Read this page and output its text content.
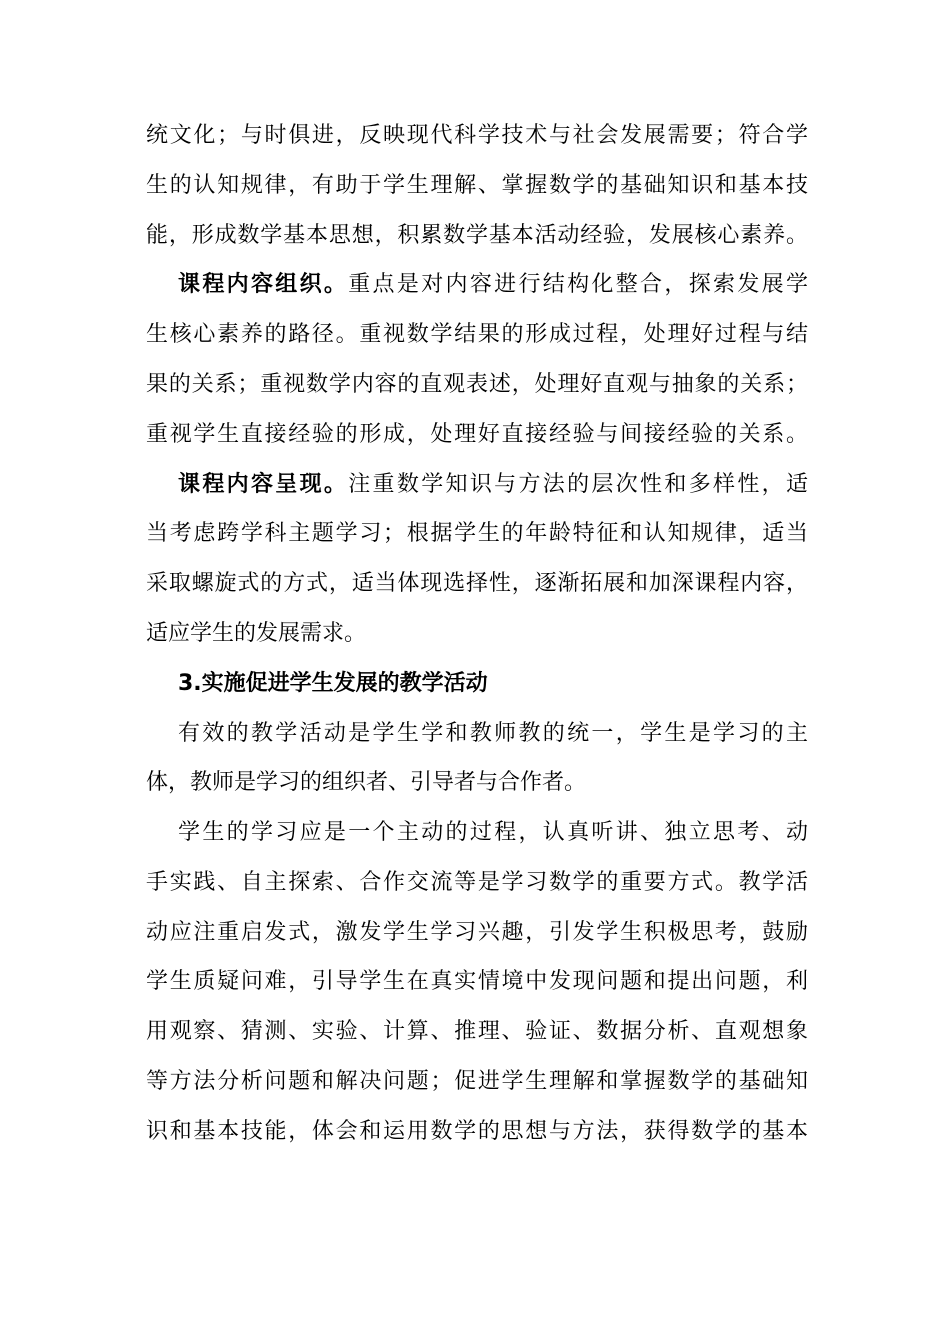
统文化；与时俱进，反映现代科学技术与社会发展需要；符合学
生的认知规律，有助于学生理解、掌握数学的基础知识和基本技
能，形成数学基本思想，积累数学基本活动经验，发展核心素养。
课程内容组织。重点是对内容进行结构化整合，探索发展学
生核心素养的路径。重视数学结果的形成过程，处理好过程与结
果的关系；重视数学内容的直观表述，处理好直观与抽象的关系；
重视学生直接经验的形成，处理好直接经验与间接经验的关系。
课程内容呈现。注重数学知识与方法的层次性和多样性，适
当考虑跨学科主题学习；根据学生的年龄特征和认知规律，适当
采取螺旋式的方式，适当体现选择性，逐渐拓展和加深课程内容，
适应学生的发展需求。
3.实施促进学生发展的教学活动
有效的教学活动是学生学和教师教的统一，学生是学习的主
体，教师是学习的组织者、引导者与合作者。
学生的学习应是一个主动的过程，认真听讲、独立思考、动
手实践、自主探索、合作交流等是学习数学的重要方式。教学活
动应注重启发式，激发学生学习兴趣，引发学生积极思考，鼓励
学生质疑问难，引导学生在真实情境中发现问题和提出问题，利
用观察、猜测、实验、计算、推理、验证、数据分析、直观想象
等方法分析问题和解决问题；促进学生理解和掌握数学的基础知
识和基本技能，体会和运用数学的思想与方法，获得数学的基本
